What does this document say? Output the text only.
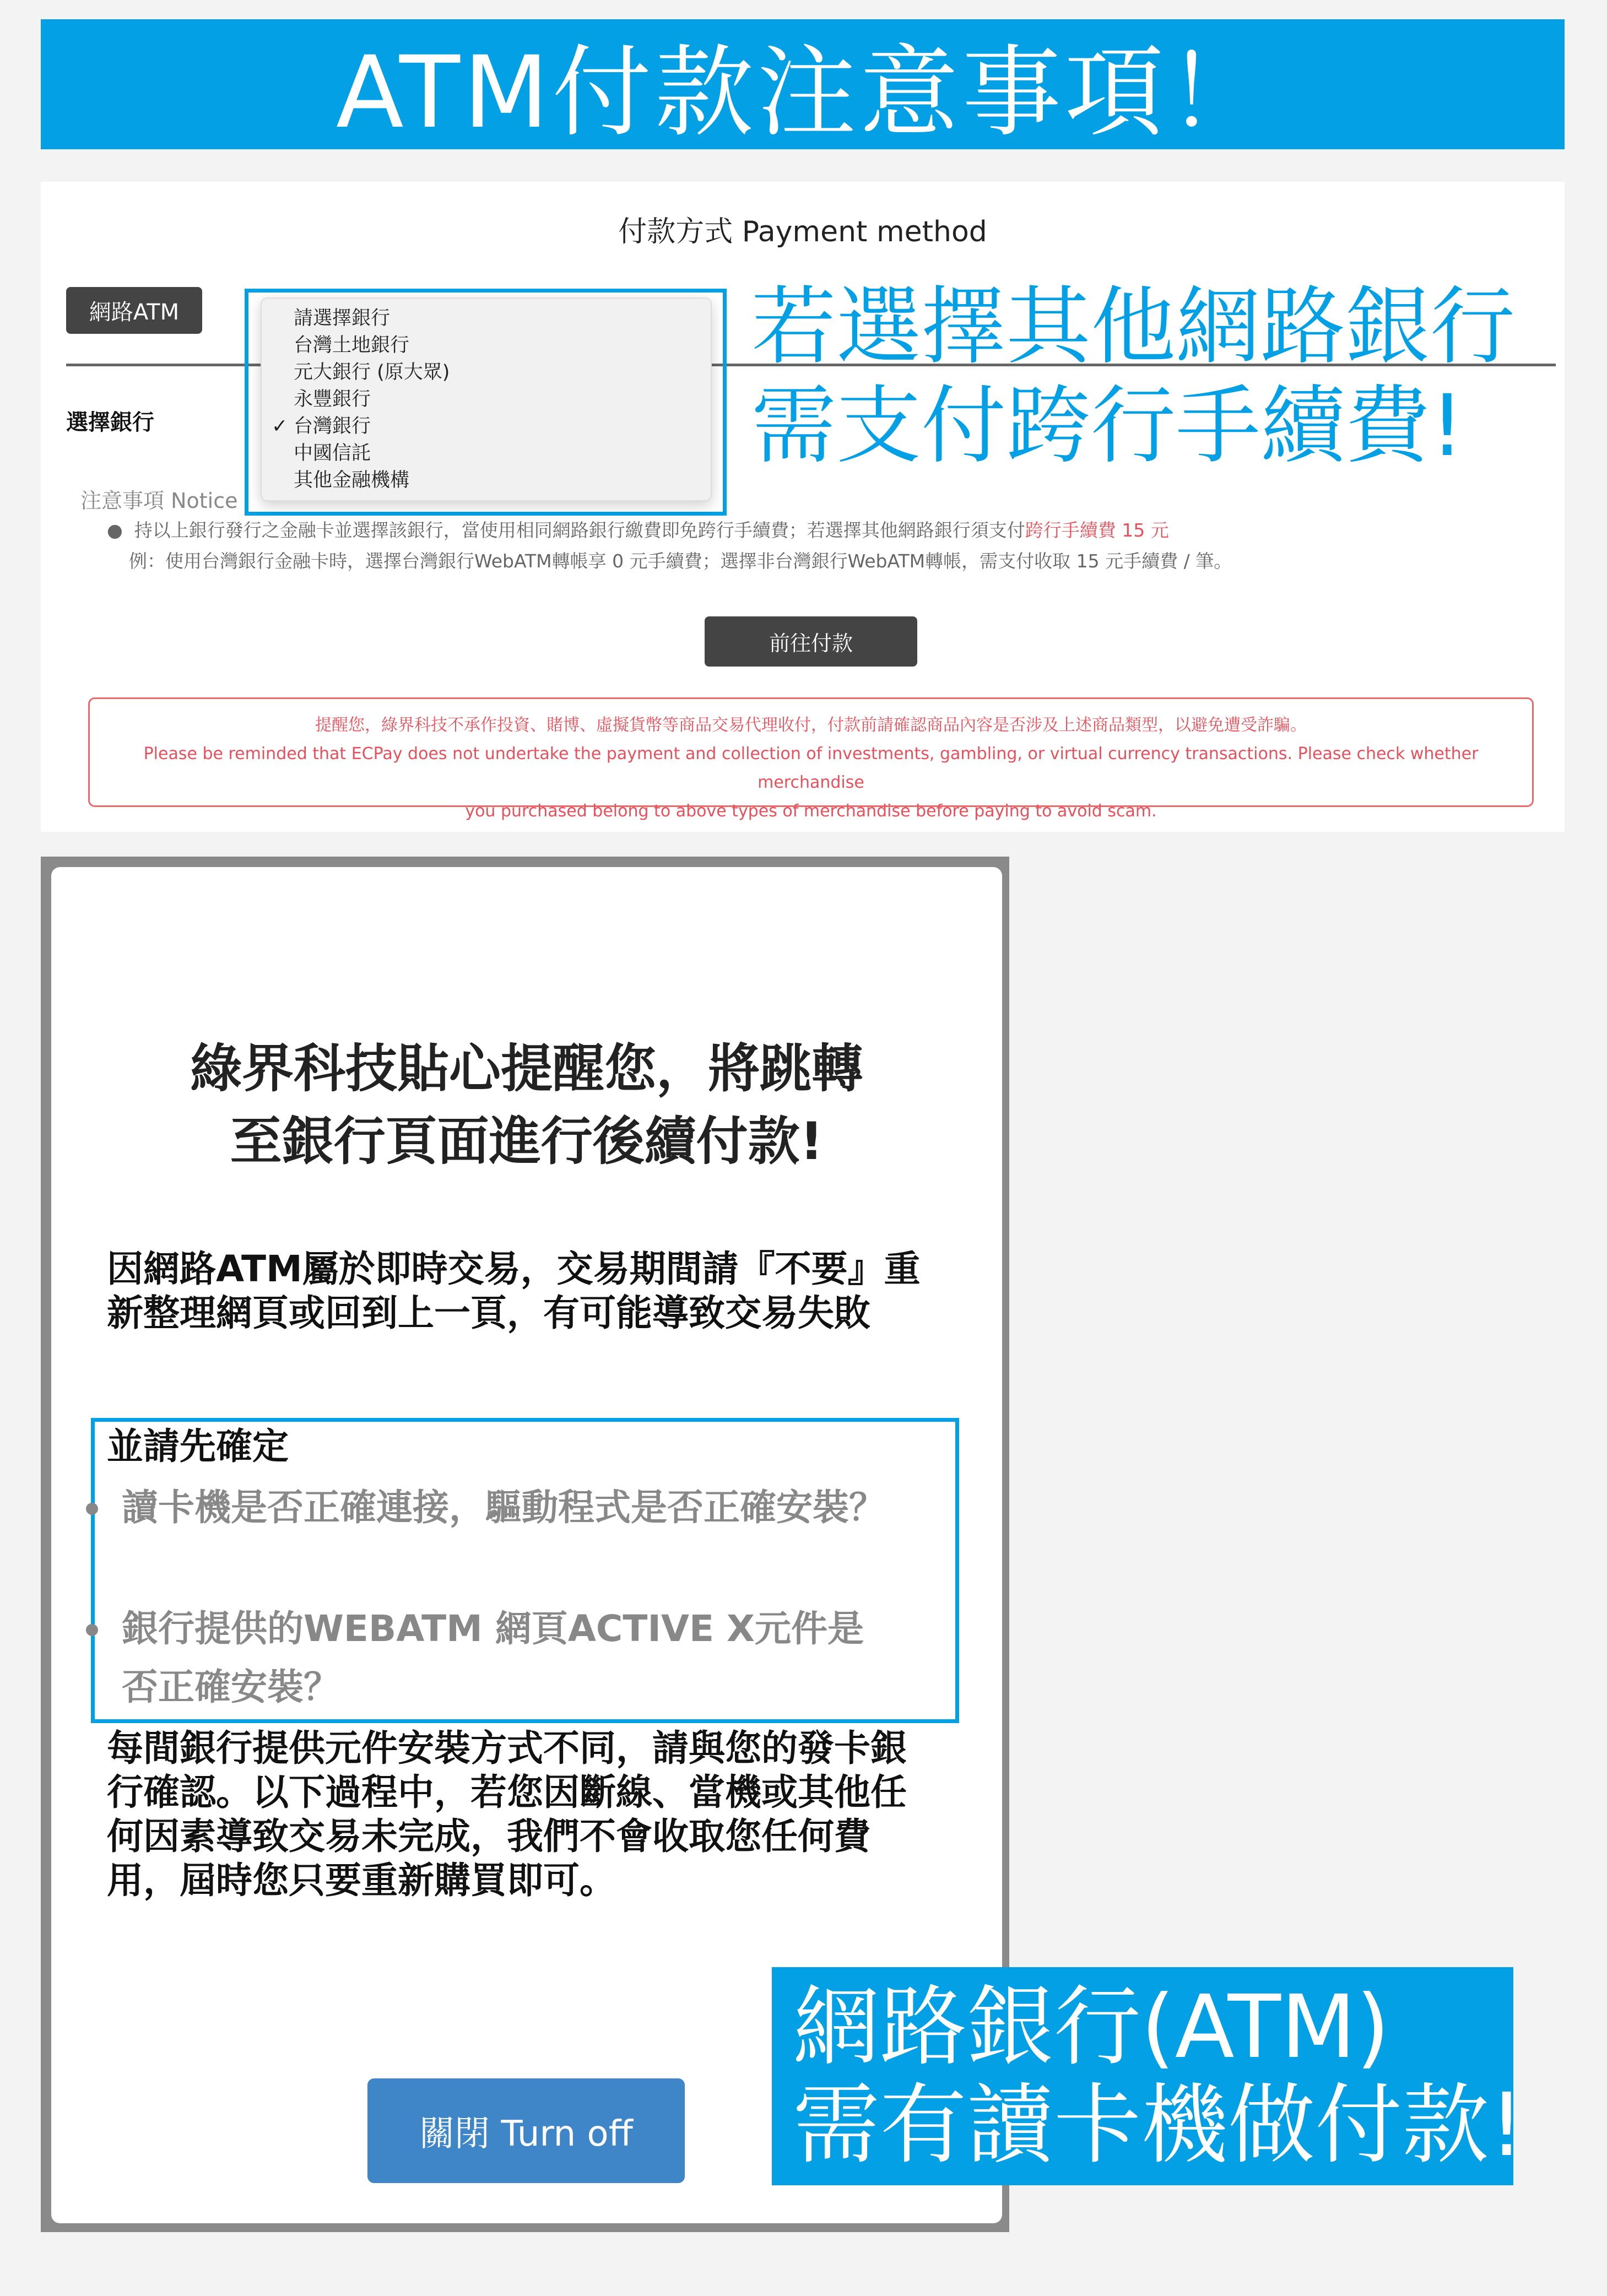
ATM付款注意事項！
付款方式 Payment method
網路ATM
選擇銀行
請選擇銀行
台灣土地銀行
元大銀行 (原大眾)
永豐銀行
✓ 台灣銀行
中國信託
其他金融機構
若選擇其他網路銀行
需支付跨行手續費!
注意事項 Notice
●  持以上銀行發行之金融卡並選擇該銀行，當使用相同網路銀行繳費即免跨行手續費；若選擇其他網路銀行須支付跨行手續費 15 元
例：使用台灣銀行金融卡時，選擇台灣銀行WebATM轉帳享 0 元手續費；選擇非台灣銀行WebATM轉帳，需支付收取 15 元手續費 / 筆。
前往付款
提醒您，綠界科技不承作投資、賭博、虛擬貨幣等商品交易代理收付，付款前請確認商品內容是否涉及上述商品類型，以避免遭受詐騙。
Please be reminded that ECPay does not undertake the payment and collection of investments, gambling, or virtual currency transactions. Please check whether merchandise
you purchased belong to above types of merchandise before paying to avoid scam.
綠界科技貼心提醒您，將跳轉
至銀行頁面進行後續付款!
因網路ATM屬於即時交易，交易期間請『不要』重新整理網頁或回到上一頁，有可能導致交易失敗
並請先確定
讀卡機是否正確連接，驅動程式是否正確安裝？
銀行提供的WEBATM 網頁ACTIVE X元件是否正確安裝？
每間銀行提供元件安裝方式不同，請與您的發卡銀行確認。以下過程中，若您因斷線、當機或其他任何因素導致交易未完成，我們不會收取您任何費用，屆時您只要重新購買即可。
關閉 Turn off
網路銀行(ATM)
需有讀卡機做付款!
